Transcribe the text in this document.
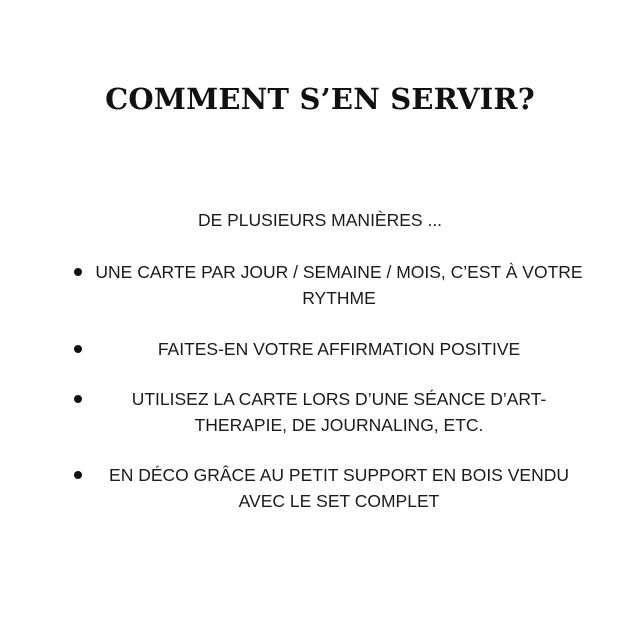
COMMENT S’EN SERVIR?

DE PLUSIEURS MANIÈRES ...

UNE CARTE PAR JOUR / SEMAINE / MOIS, C’EST À VOTRE RYTHME
FAITES-EN VOTRE AFFIRMATION POSITIVE
UTILISEZ LA CARTE LORS D’UNE SÉANCE D’ART-THERAPIE, DE JOURNALING, ETC.
EN DÉCO GRÂCE AU PETIT SUPPORT EN BOIS VENDU AVEC LE SET COMPLET
